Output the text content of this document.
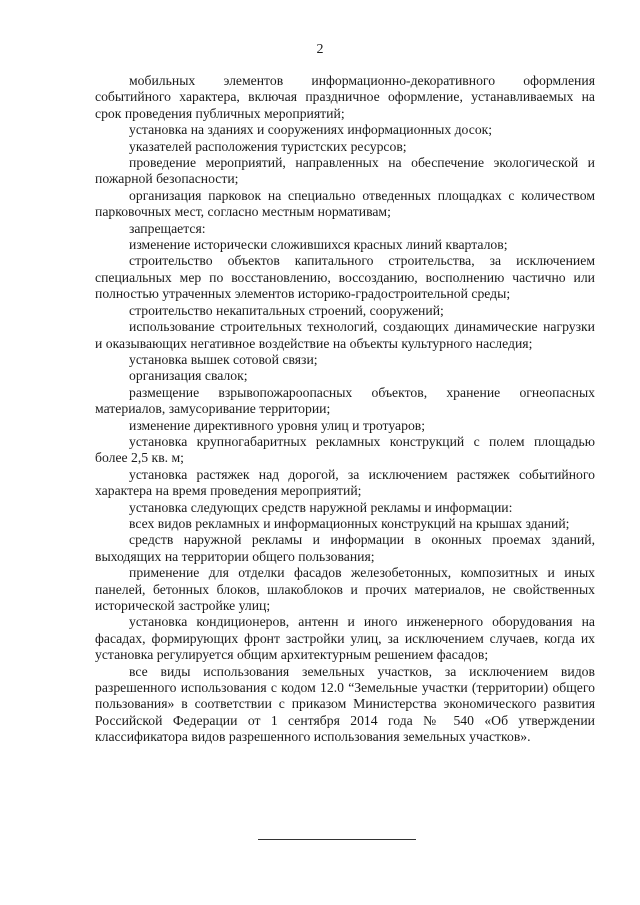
2

мобильных элементов информационно-декоративного оформления событийного характера, включая праздничное оформление, устанавливаемых на срок проведения публичных мероприятий;

установка на зданиях и сооружениях информационных досок;

указателей расположения туристских ресурсов;

проведение мероприятий, направленных на обеспечение экологической и пожарной безопасности;

организация парковок на специально отведенных площадках с количеством парковочных мест, согласно местным нормативам;

запрещается:

изменение исторически сложившихся красных линий кварталов;

строительство объектов капитального строительства, за исключением специальных мер по восстановлению, воссозданию, восполнению частично или полностью утраченных элементов историко-градостроительной среды;

строительство некапитальных строений, сооружений;

использование строительных технологий, создающих динамические нагрузки и оказывающих негативное воздействие на объекты культурного наследия;

установка вышек сотовой связи;

организация свалок;

размещение взрывопожароопасных объектов, хранение огнеопасных материалов, замусоривание территории;

изменение директивного уровня улиц и тротуаров;

установка крупногабаритных рекламных конструкций с полем площадью более 2,5 кв. м;

установка растяжек над дорогой, за исключением растяжек событийного характера на время проведения мероприятий;

установка следующих средств наружной рекламы и информации:

всех видов рекламных и информационных конструкций на крышах зданий;

средств наружной рекламы и информации в оконных проемах зданий, выходящих на территории общего пользования;

применение для отделки фасадов железобетонных, композитных и иных панелей, бетонных блоков, шлакоблоков и прочих материалов, не свойственных исторической застройке улиц;

установка кондиционеров, антенн и иного инженерного оборудования на фасадах, формирующих фронт застройки улиц, за исключением случаев, когда их установка регулируется общим архитектурным решением фасадов;

все виды использования земельных участков, за исключением видов разрешенного использования с кодом 12.0 “Земельные участки (территории) общего пользования» в соответствии с приказом Министерства экономического развития Российской Федерации от 1 сентября 2014 года № 540 «Об утверждении классификатора видов разрешенного использования земельных участков».
